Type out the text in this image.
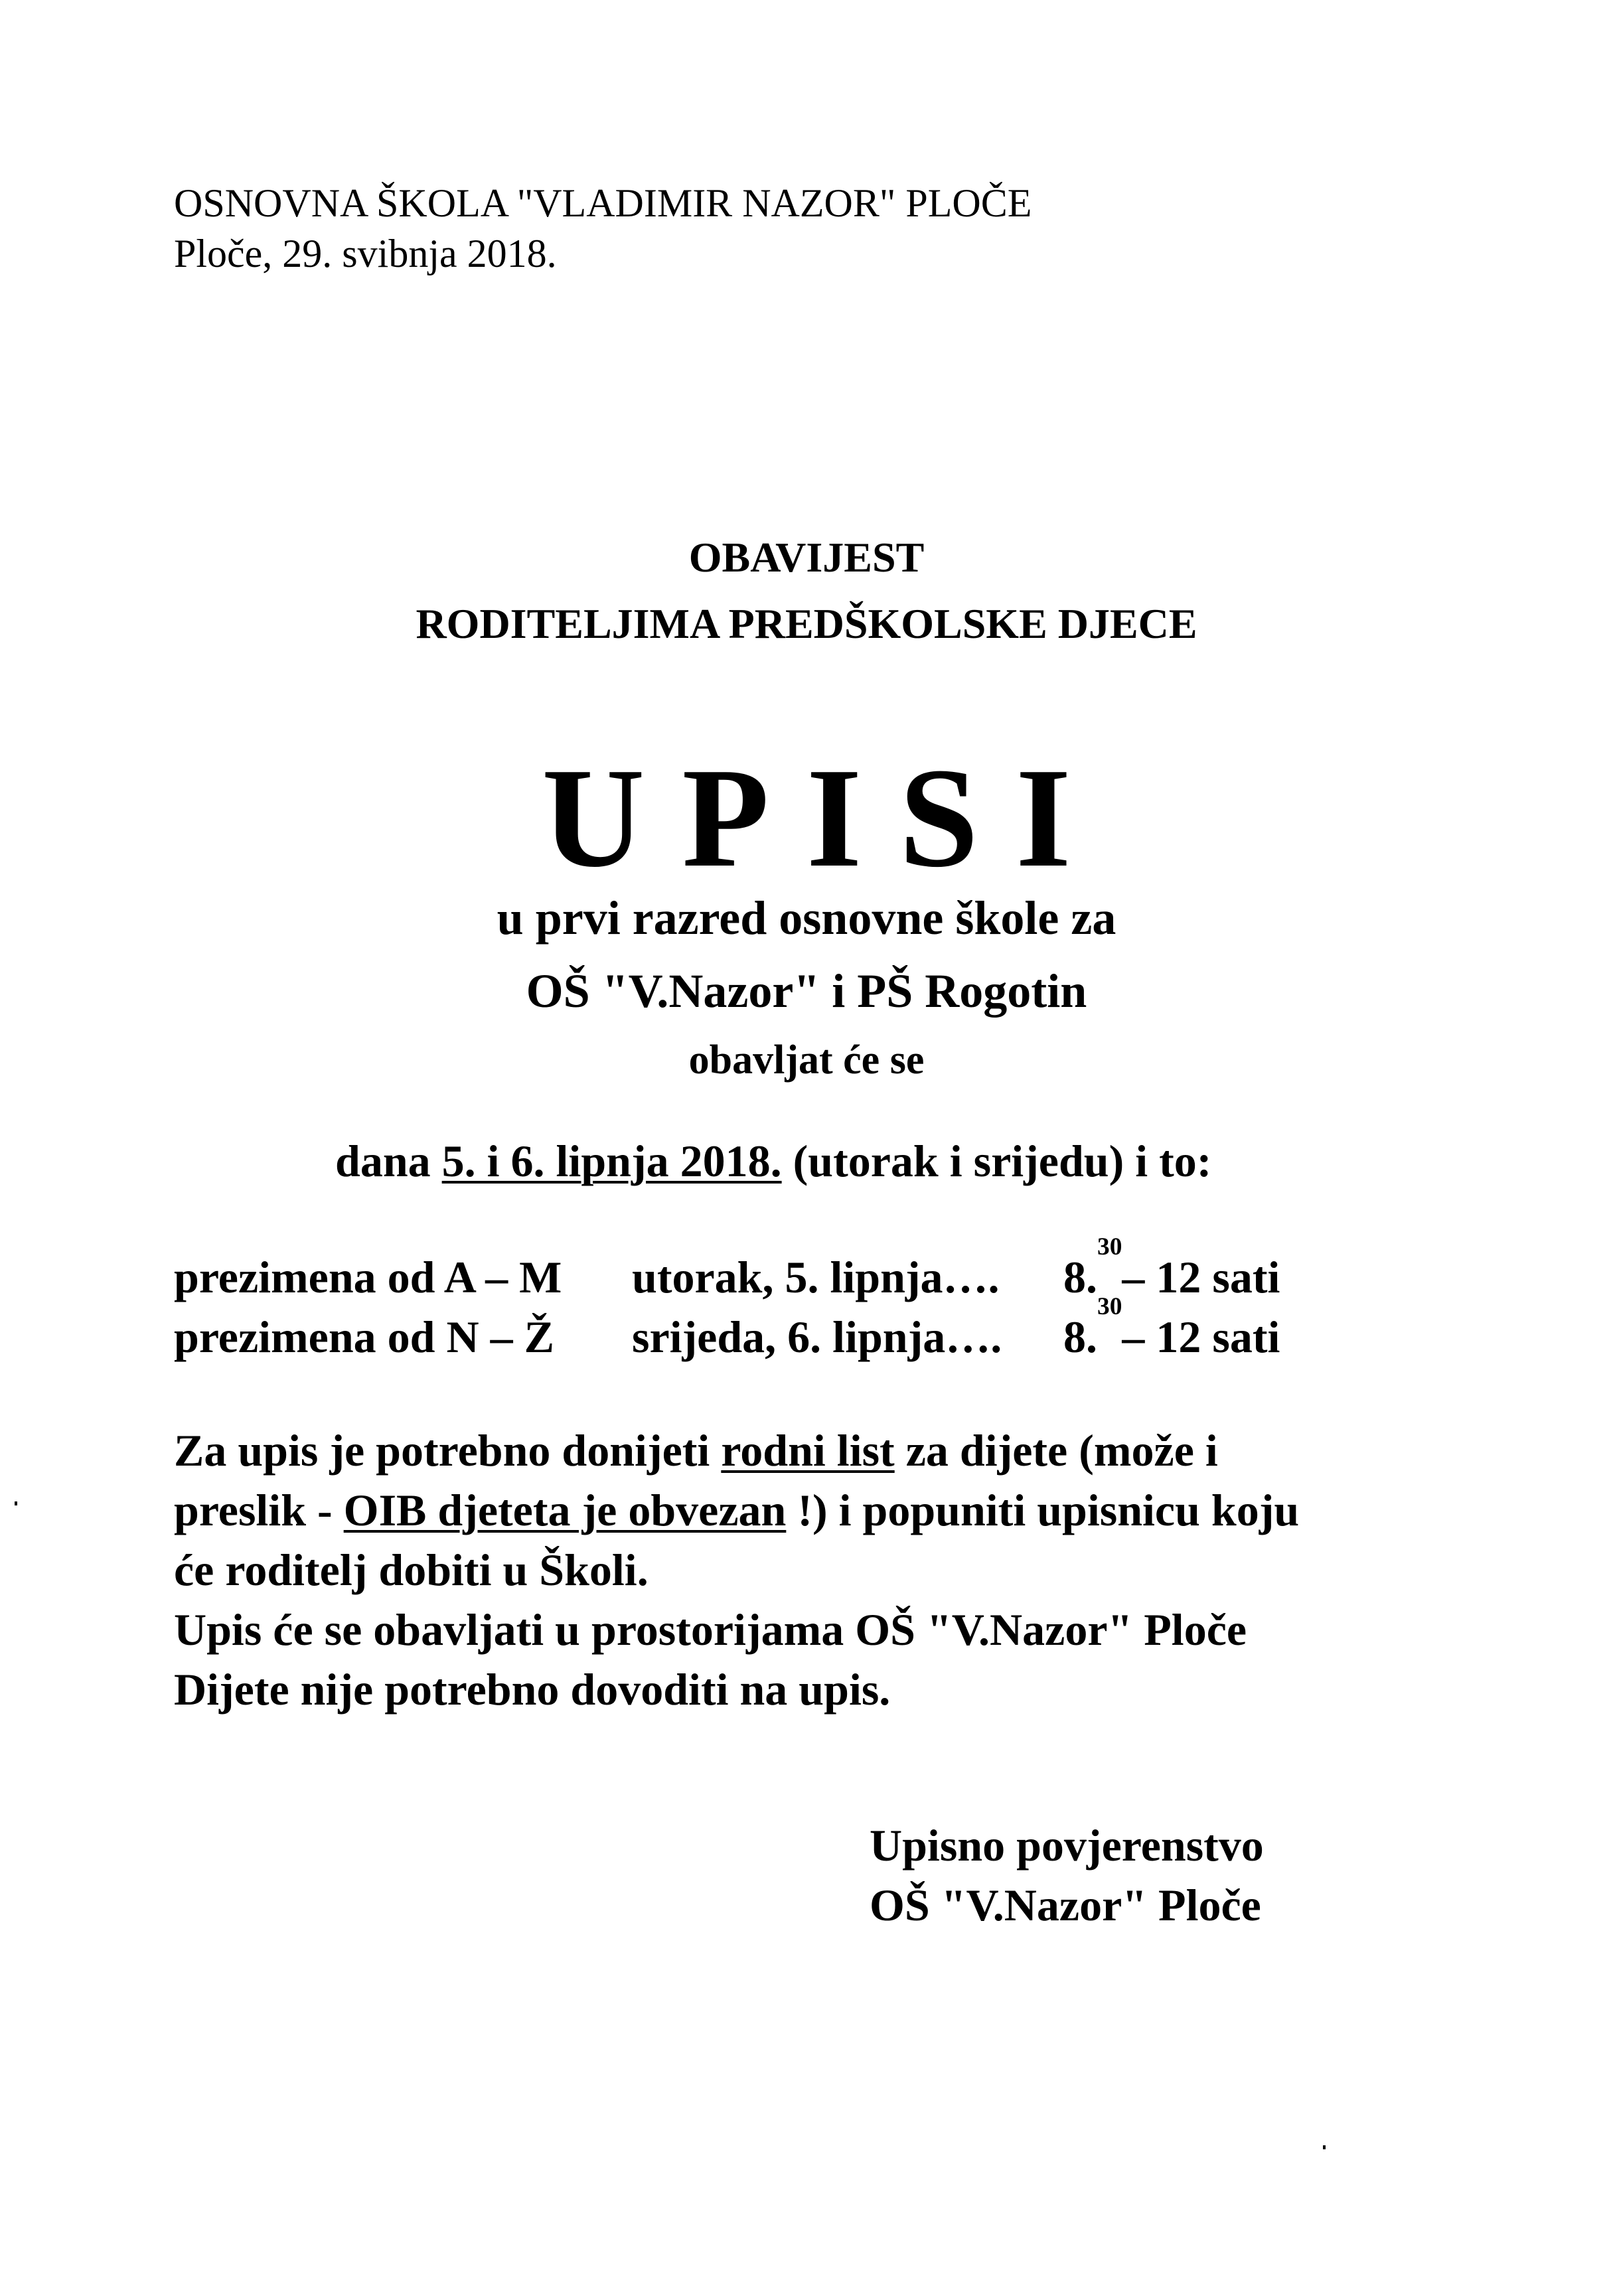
OSNOVNA ŠKOLA "VLADIMIR NAZOR" PLOČE
Ploče, 29. svibnja 2018.
OBAVIJEST
RODITELJIMA PREDŠKOLSKE DJECE
UPISI
u prvi razred osnovne škole za
OŠ "V.Nazor" i PŠ Rogotin
obavljat će se
dana 5. i 6. lipnja 2018. (utorak i srijedu) i to:
prezimena od A – M utorak, 5. lipnja…. 8.30– 12 sati
prezimena od N – Ž srijeda, 6. lipnja…. 8.30– 12 sati
Za upis je potrebno donijeti rodni list za dijete (može i
preslik - OIB djeteta je obvezan !) i popuniti upisnicu koju
će roditelj dobiti u Školi.
Upis će se obavljati u prostorijama OŠ "V.Nazor" Ploče
Dijete nije potrebno dovoditi na upis.
Upisno povjerenstvo
OŠ "V.Nazor" Ploče
